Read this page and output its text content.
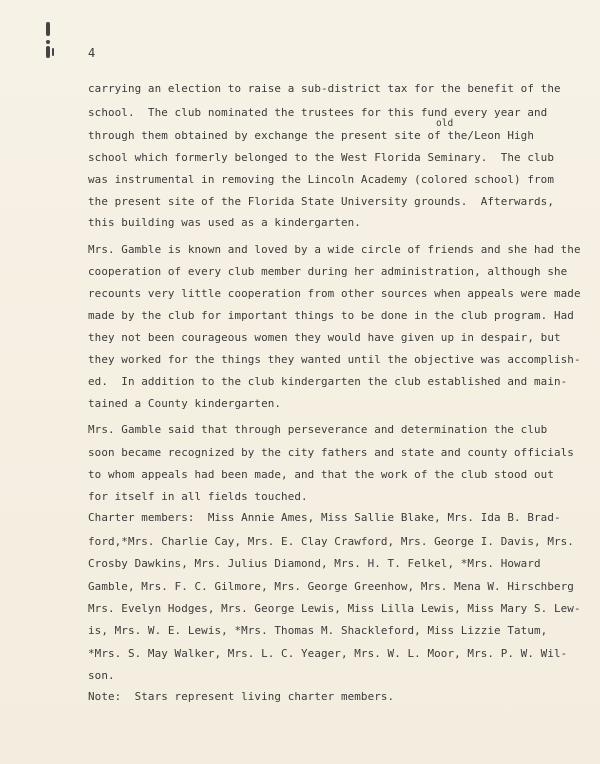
4
old
carrying an election to raise a sub-district tax for the benefit of the
school.  The club nominated the trustees for this fund every year and
through them obtained by exchange the present site of the/Leon High
school which formerly belonged to the West Florida Seminary.  The club
was instrumental in removing the Lincoln Academy (colored school) from
the present site of the Florida State University grounds.  Afterwards,
this building was used as a kindergarten.
Mrs. Gamble is known and loved by a wide circle of friends and she had the
cooperation of every club member during her administration, although she
recounts very little cooperation from other sources when appeals were made
made by the club for important things to be done in the club program. Had
they not been courageous women they would have given up in despair, but
they worked for the things they wanted until the objective was accomplish-
ed.  In addition to the club kindergarten the club established and main-
tained a County kindergarten.
Mrs. Gamble said that through perseverance and determination the club
soon became recognized by the city fathers and state and county officials
to whom appeals had been made, and that the work of the club stood out
for itself in all fields touched.
Charter members:  Miss Annie Ames, Miss Sallie Blake, Mrs. Ida B. Brad-
ford,*Mrs. Charlie Cay, Mrs. E. Clay Crawford, Mrs. George I. Davis, Mrs.
Crosby Dawkins, Mrs. Julius Diamond, Mrs. H. T. Felkel, *Mrs. Howard
Gamble, Mrs. F. C. Gilmore, Mrs. George Greenhow, Mrs. Mena W. Hirschberg
Mrs. Evelyn Hodges, Mrs. George Lewis, Miss Lilla Lewis, Miss Mary S. Lew-
is, Mrs. W. E. Lewis, *Mrs. Thomas M. Shackleford, Miss Lizzie Tatum,
*Mrs. S. May Walker, Mrs. L. C. Yeager, Mrs. W. L. Moor, Mrs. P. W. Wil-
son.
Note:  Stars represent living charter members.
